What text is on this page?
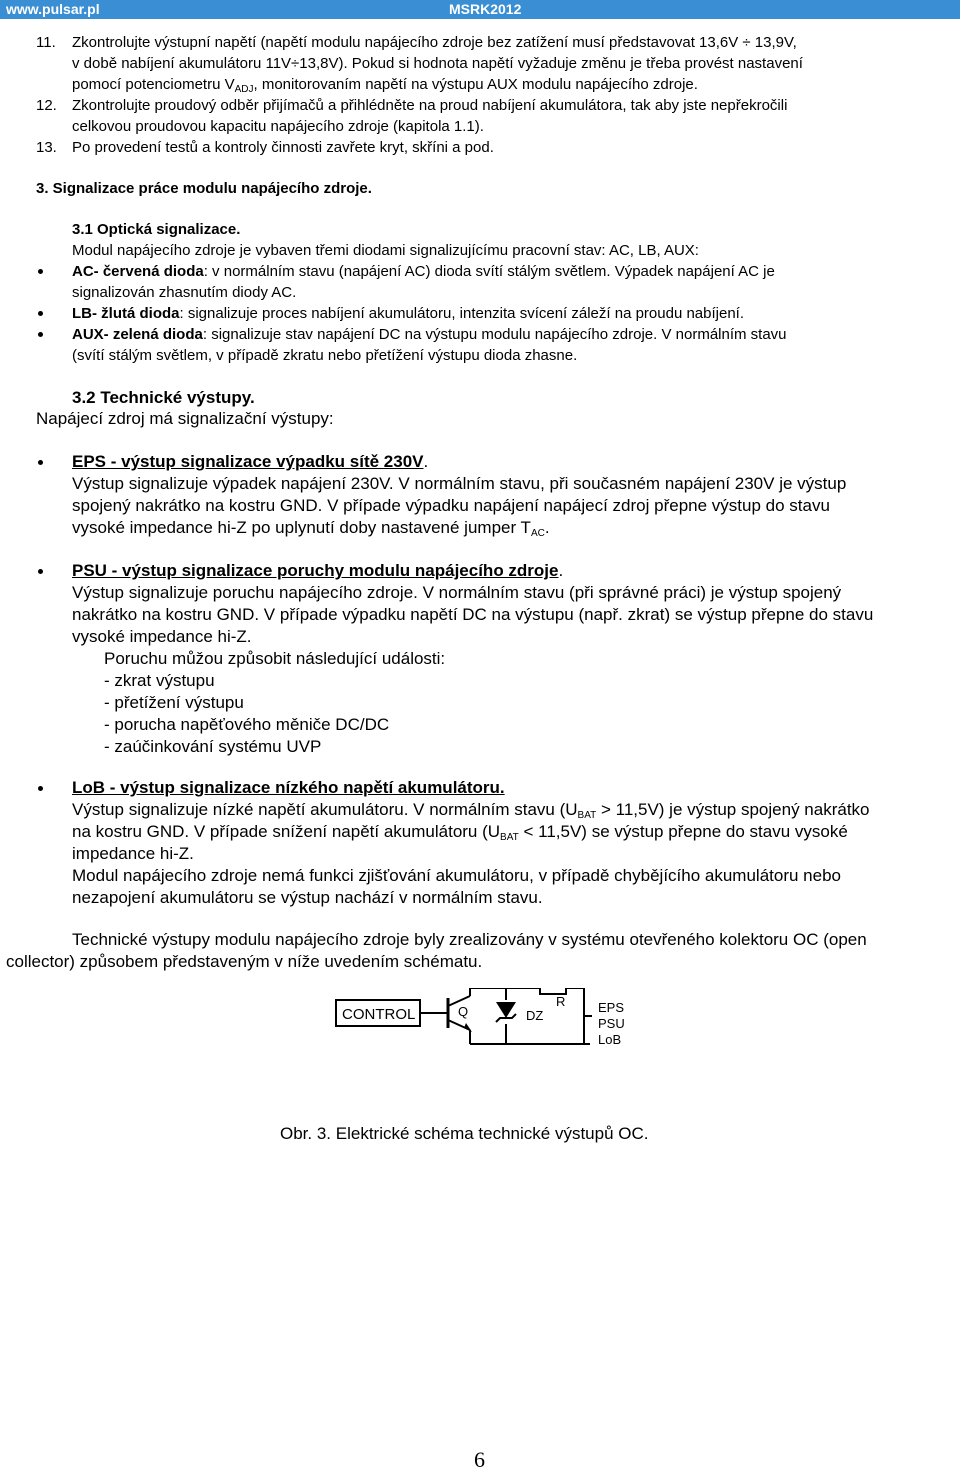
www.pulsar.pl	MSRK2012
11. Zkontrolujte výstupní napětí (napětí modulu napájecího zdroje bez zatížení musí představovat 13,6V ÷ 13,9V,

v době nabíjení akumulátoru 11V÷13,8V). Pokud si hodnota napětí vyžaduje změnu je třeba provést nastavení

pomocí potenciometru $V_{ADJ}$, monitorovaním napětí na výstupu AUX modulu napájecího zdroje.

12. Zkontrolujte proudový odběr přijímačů a přihlédněte na proud nabíjení akumulátora, tak aby jste nepřekročili

celkovou proudovou kapacitu napájecího zdroje (kapitola 1.1).

13. Po provedení testů a kontroly činnosti zavřete kryt, skříni a pod.

3. Signalizace práce modulu napájecího zdroje.
3.1 Optická signalizace.
Modul napájecího zdroje je vybaven třemi diodami signalizujícímu pracovní stav: AC, LB, AUX:

AC- červená dioda: v normálním stavu (napájení AC) dioda svítí stálým světlem. Výpadek napájení AC je

signalizován zhasnutím diody AC.

LB- žlutá dioda: signalizuje proces nabíjení akumulátoru, intenzita svícení záleží na proudu nabíjení.

AUX- zelená dioda: signalizuje stav napájení DC na výstupu modulu napájecího zdroje. V normálním stavu

(svítí stálým světlem, v případě zkratu nebo přetížení výstupu dioda zhasne.

3.2 Technické výstupy.
Napájecí zdroj má signalizační výstupy:

EPS - výstup signalizace výpadku sítě 230V.

Výstup signalizuje výpadek napájení 230V. V normálním stavu, při současném napájení 230V je výstup

spojený nakrátko na kostru GND. V případe výpadku napájení napájecí zdroj přepne výstup do stavu

vysoké impedance hi-Z po uplynutí doby nastavené jumper $T_{AC}$.

PSU - výstup signalizace poruchy modulu napájecího zdroje.

Výstup signalizuje poruchu napájecího zdroje. V normálním stavu (při správné práci) je výstup spojený

nakrátko na kostru GND. V případe výpadku napětí DC na výstupu (např. zkrat) se výstup přepne do stavu

vysoké impedance hi-Z.

Poruchu můžou způsobit následující události:

- zkrat výstupu

- přetížení výstupu

- porucha napěťového měniče DC/DC

- zaúčinkování systému UVP

LoB - výstup signalizace nízkého napětí akumulátoru.

Výstup signalizuje nízké napětí akumulátoru. V normálním stavu $(U_{BAT} > 11,5V)$ je výstup spojený nakrátko

na kostru GND. V případe snížení napětí akumulátoru $(U_{BAT} < 11,5V)$ se výstup přepne do stavu vysoké

impedance hi-Z.

Modul napájecího zdroje nemá funkci zjišťování akumulátoru, v případě chybějícího akumulátoru nebo

nezapojení akumulátoru se výstup nachází v normálním stavu.

Technické výstupy modulu napájecího zdroje byly zrealizovány v systému otevřeného kolektoru OC (open

collector) způsobem představeným v níže uvedením schématu.

CONTROL	Q	DZ
R	EPS
PSU
LoB
Obr. 3. Elektrické schéma technické výstupů OC.
6
